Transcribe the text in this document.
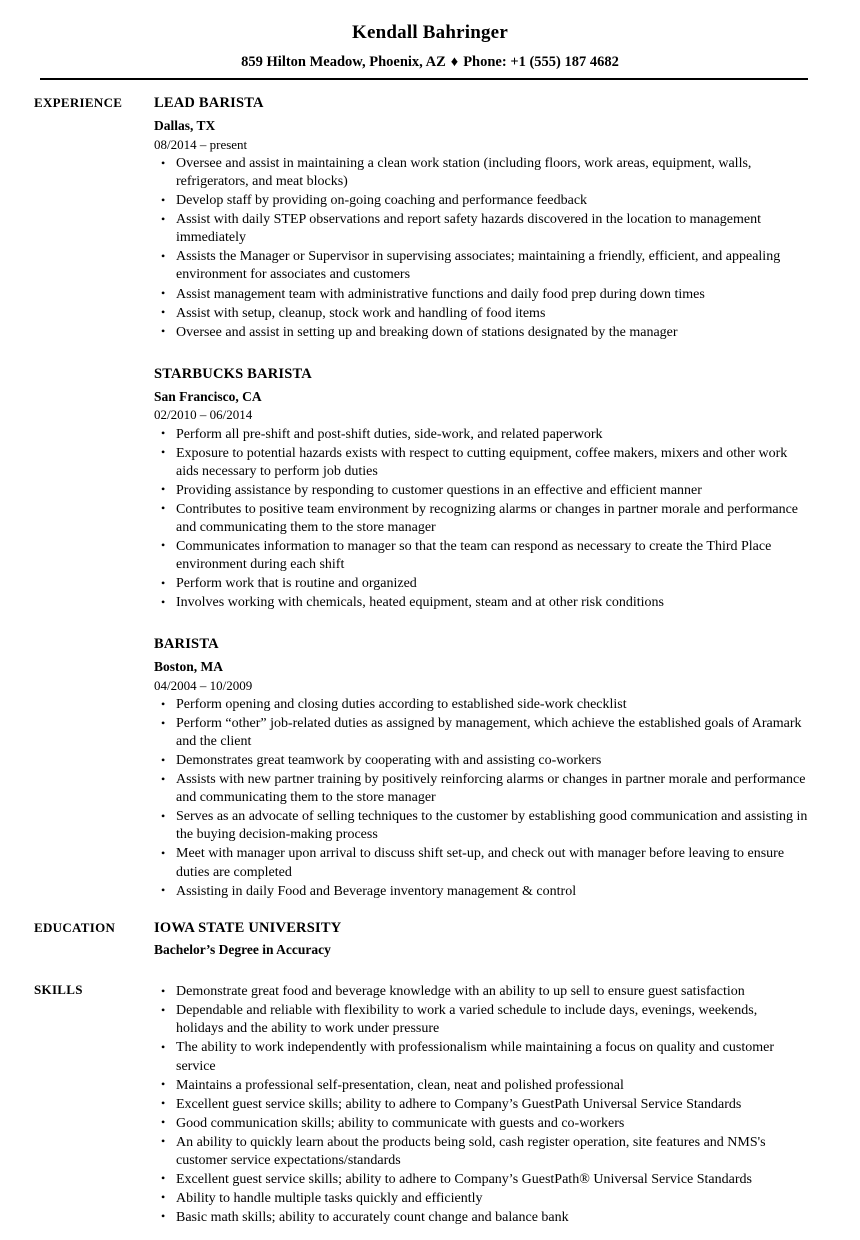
Kendall Bahringer
859 Hilton Meadow, Phoenix, AZ ♦ Phone: +1 (555) 187 4682
EXPERIENCE	LEAD BARISTA
Dallas, TX
08/2014 – present
• Oversee and assist in maintaining a clean work station (including floors, work areas, equipment, walls, refrigerators, and meat blocks)
• Develop staff by providing on-going coaching and performance feedback
• Assist with daily STEP observations and report safety hazards discovered in the location to management immediately
• Assists the Manager or Supervisor in supervising associates; maintaining a friendly, efficient, and appealing environment for associates and customers
• Assist management team with administrative functions and daily food prep during down times
• Assist with setup, cleanup, stock work and handling of food items
• Oversee and assist in setting up and breaking down of stations designated by the manager
STARBUCKS BARISTA
San Francisco, CA
02/2010 – 06/2014
• Perform all pre-shift and post-shift duties, side-work, and related paperwork
• Exposure to potential hazards exists with respect to cutting equipment, coffee makers, mixers and other work aids necessary to perform job duties
• Providing assistance by responding to customer questions in an effective and efficient manner
• Contributes to positive team environment by recognizing alarms or changes in partner morale and performance and communicating them to the store manager
• Communicates information to manager so that the team can respond as necessary to create the Third Place environment during each shift
• Perform work that is routine and organized
• Involves working with chemicals, heated equipment, steam and at other risk conditions
BARISTA
Boston, MA
04/2004 – 10/2009
• Perform opening and closing duties according to established side-work checklist
• Perform “other” job-related duties as assigned by management, which achieve the established goals of Aramark and the client
• Demonstrates great teamwork by cooperating with and assisting co-workers
• Assists with new partner training by positively reinforcing alarms or changes in partner morale and performance and communicating them to the store manager
• Serves as an advocate of selling techniques to the customer by establishing good communication and assisting in the buying decision-making process
• Meet with manager upon arrival to discuss shift set-up, and check out with manager before leaving to ensure duties are completed
• Assisting in daily Food and Beverage inventory management & control
EDUCATION	IOWA STATE UNIVERSITY
Bachelor’s Degree in Accuracy
SKILLS	• Demonstrate great food and beverage knowledge with an ability to up sell to ensure guest satisfaction
• Dependable and reliable with flexibility to work a varied schedule to include days, evenings, weekends, holidays and the ability to work under pressure
• The ability to work independently with professionalism while maintaining a focus on quality and customer service
• Maintains a professional self-presentation, clean, neat and polished professional
• Excellent guest service skills; ability to adhere to Company’s GuestPath Universal Service Standards
• Good communication skills; ability to communicate with guests and co-workers
• An ability to quickly learn about the products being sold, cash register operation, site features and NMS's customer service expectations/standards
• Excellent guest service skills; ability to adhere to Company’s GuestPath® Universal Service Standards
• Ability to handle multiple tasks quickly and efficiently
• Basic math skills; ability to accurately count change and balance bank
